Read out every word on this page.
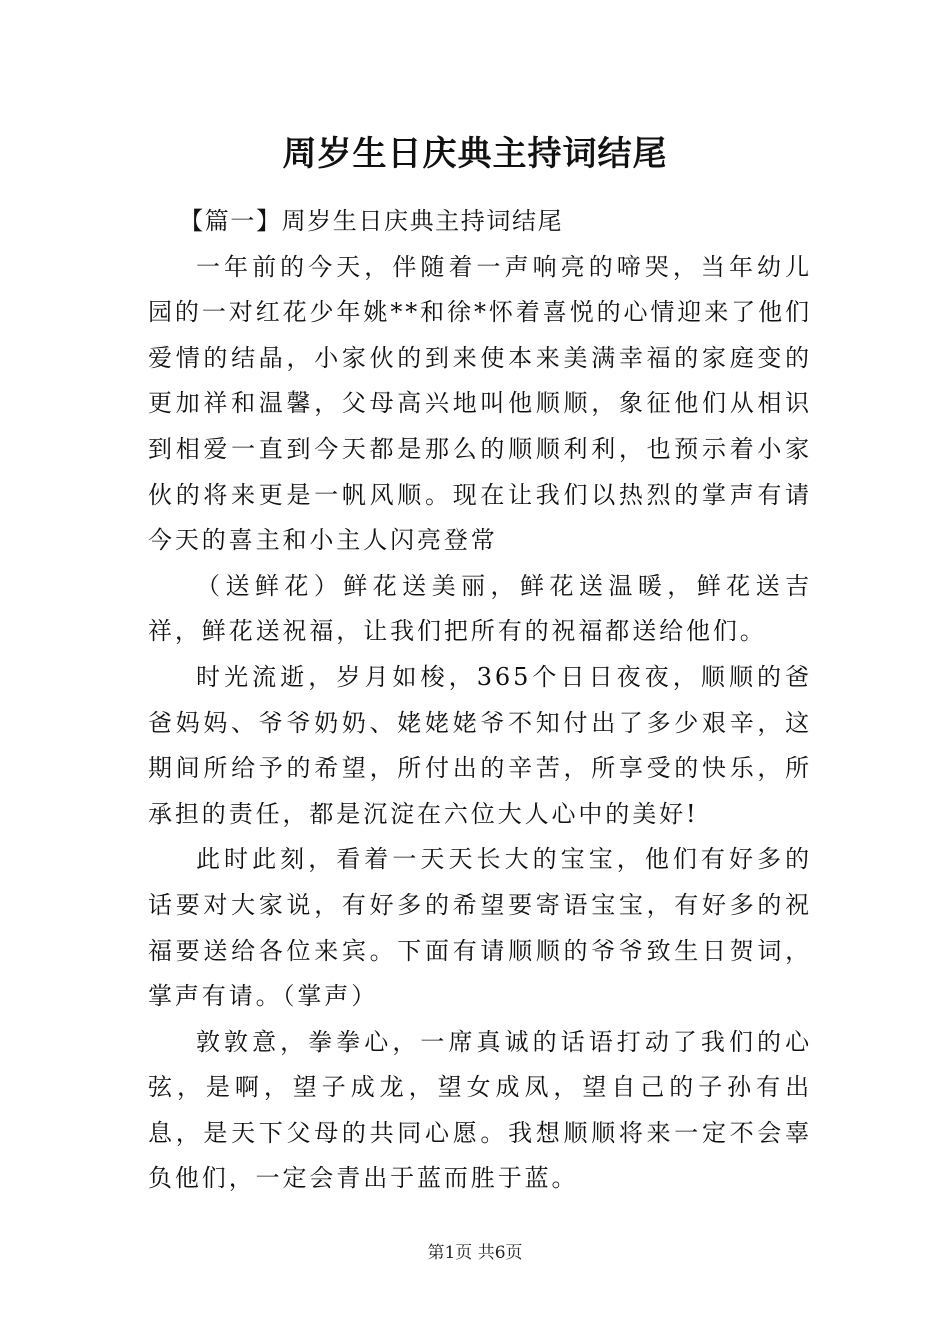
周岁生日庆典主持词结尾

【篇一】周岁生日庆典主持词结尾

一年前的今天，伴随着一声响亮的啼哭，当年幼儿园的一对红花少年姚**和徐*怀着喜悦的心情迎来了他们爱情的结晶，小家伙的到来使本来美满幸福的家庭变的更加祥和温馨，父母高兴地叫他顺顺，象征他们从相识到相爱一直到今天都是那么的顺顺利利，也预示着小家伙的将来更是一帆风顺。现在让我们以热烈的掌声有请今天的喜主和小主人闪亮登常

（送鲜花）鲜花送美丽，鲜花送温暖，鲜花送吉祥，鲜花送祝福，让我们把所有的祝福都送给他们。

时光流逝，岁月如梭，365个日日夜夜，顺顺的爸爸妈妈、爷爷奶奶、姥姥姥爷不知付出了多少艰辛，这期间所给予的希望，所付出的辛苦，所享受的快乐，所承担的责任，都是沉淀在六位大人心中的美好!

此时此刻，看着一天天长大的宝宝，他们有好多的话要对大家说，有好多的希望要寄语宝宝，有好多的祝福要送给各位来宾。下面有请顺顺的爷爷致生日贺词，掌声有请。（掌声）

敦敦意，拳拳心，一席真诚的话语打动了我们的心弦，是啊，望子成龙，望女成凤，望自己的子孙有出息，是天下父母的共同心愿。我想顺顺将来一定不会辜负他们，一定会青出于蓝而胜于蓝。

第1页 共6页
